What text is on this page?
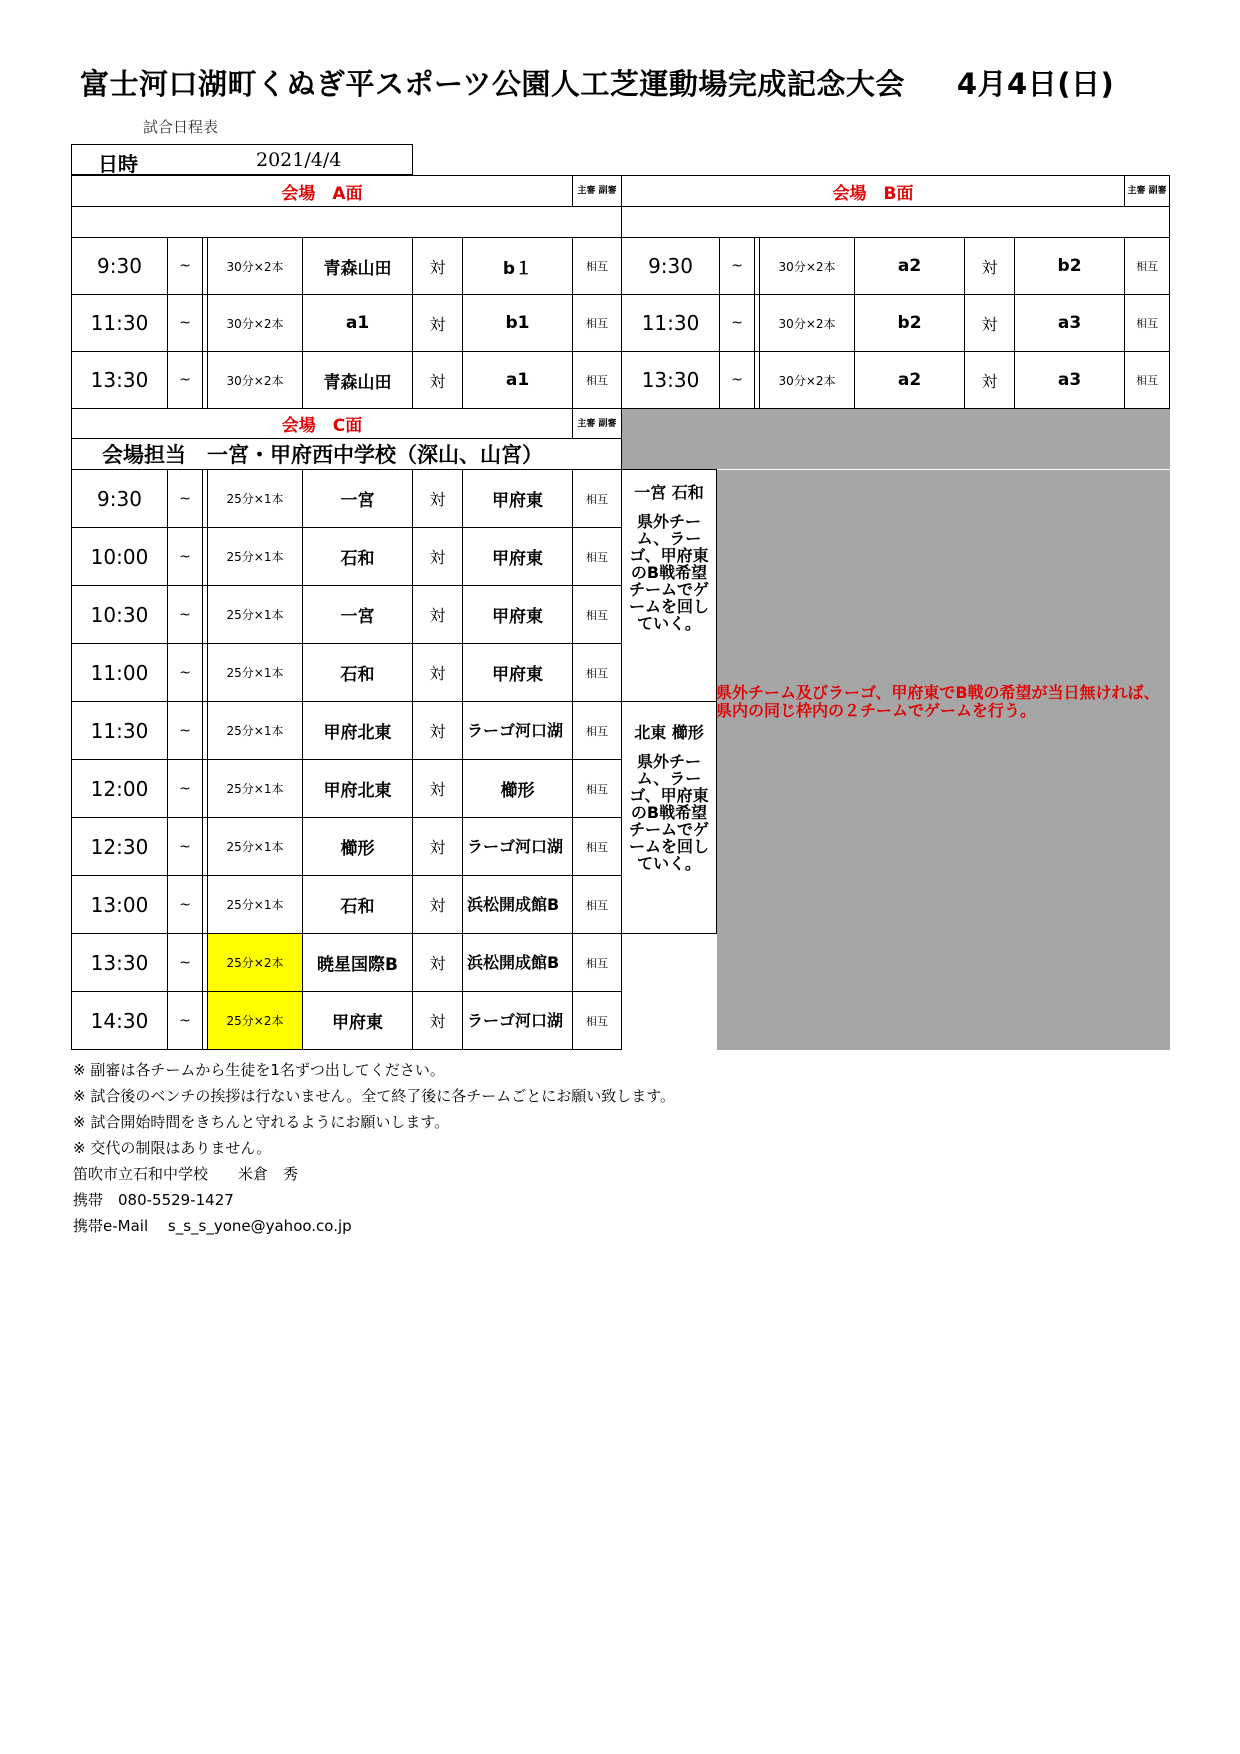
富士河口湖町くぬぎ平スポーツ公園人工芝運動場完成記念大会 4月4日(日)
試合日程表
日時	2021/4/4
会場　A面							主審 副審	会場　B面							主審 副審

9:30	~		30分×2本	青森山田	対	b１	相互	9:30	~		30分×2本	a2	対	b2	相互
11:30	~		30分×2本	a1	対	b1	相互	11:30	~		30分×2本	b2	対	a3	相互
13:30	~		30分×2本	青森山田	対	a1	相互	13:30	~		30分×2本	a2	対	a3	相互
会場　C面							主審 副審		
会場担当　一宮・甲府西中学校（深山、山宮）									
9:30	~		25分×1本	一宮	対	甲府東	相互	一宮 石和
県外チーム、ラーゴ、甲府東のB戦希望チームでゲームを回していく。	

10:00	~		25分×1本	石和	対	甲府東	相互		
10:30	~		25分×1本	一宮	対	甲府東	相互		
11:00	~		25分×1本	石和	対	甲府東	相互		
11:30	~		25分×1本	甲府北東	対	ラーゴ河口湖	相互	北東 櫛形
県外チーム、ラーゴ、甲府東のB戦希望チームでゲームを回していく。	

12:00	~		25分×1本	甲府北東	対	櫛形	相互		
12:30	~		25分×1本	櫛形	対	ラーゴ河口湖	相互		
13:00	~		25分×1本	石和	対	浜松開成館B	相互		
13:30	~		25分×2本	暁星国際B	対	浜松開成館B	相互		
14:30	~		25分×2本	甲府東	対	ラーゴ河口湖	相互		
県外チーム及びラーゴ、甲府東でB戦の希望が当日無ければ、県内の同じ枠内の２チームでゲームを行う。
※ 副審は各チームから生徒を1名ずつ出してください。
※ 試合後のベンチの挨拶は行ないません。全て終了後に各チームごとにお願い致します。
※ 試合開始時間をきちんと守れるようにお願いします。
※ 交代の制限はありません。
笛吹市立石和中学校　　米倉　秀
携帯　080-5529-1427
携帯e-Mail　 s_s_s_yone@yahoo.co.jp
